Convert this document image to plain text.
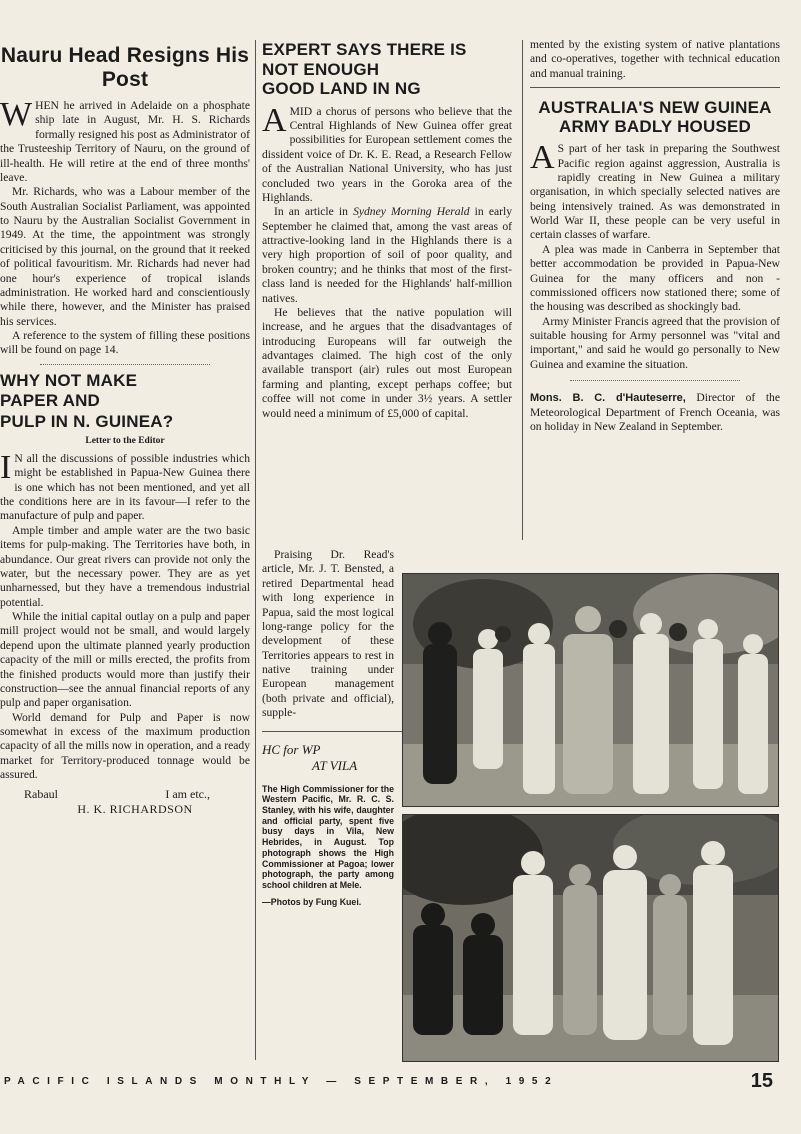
Nauru Head Resigns His
Post

WHEN he arrived in Adelaide on a phosphate ship late in August, Mr. H. S. Richards formally resigned his post as Administrator of the Trusteeship Territory of Nauru, on the ground of ill-health. He will retire at the end of three months' leave.

Mr. Richards, who was a Labour member of the South Australian Socialist Parliament, was appointed to Nauru by the Australian Socialist Government in 1949. At the time, the appointment was strongly criticised by this journal, on the ground that it reeked of political favouritism. Mr. Richards had never had one hour's experience of tropical islands administration. He worked hard and conscientiously while there, however, and the Minister has praised his services.

A reference to the system of filling these positions will be found on page 14.

WHY NOT MAKE
PAPER AND
PULP IN N. GUINEA?
Letter to the Editor

I N all the discussions of possible industries which might be established in Papua-New Guinea there is one which has not been mentioned, and yet all the conditions here are in its favour—I refer to the manufacture of pulp and paper.

Ample timber and ample water are the two basic items for pulp-making. The Territories have both, in abundance. Our great rivers can provide not only the water, but the necessary power. They are as yet unharnessed, but they have a tremendous industrial potential.

While the initial capital outlay on a pulp and paper mill project would not be small, and would largely depend upon the ultimate planned yearly production capacity of the mill or mills erected, the profits from the finished products would more than justify their construction—see the annual financial reports of any pulp and paper organisation.

World demand for Pulp and Paper is now somewhat in excess of the maximum production capacity of all the mills now in operation, and a ready market for Territory-produced tonnage would be assured.

Rabaul	I am etc.,
H. K. RICHARDSON
EXPERT SAYS THERE IS
NOT ENOUGH
GOOD LAND IN NG

AMID a chorus of persons who believe that the Central Highlands of New Guinea offer great possibilities for European settlement comes the dissident voice of Dr. K. E. Read, a Research Fellow of the Australian National University, who has just concluded two years in the Goroka area of the Highlands.

In an article in Sydney Morning Herald in early September he claimed that, among the vast areas of attractive-looking land in the Highlands there is a very high proportion of soil of poor quality, and broken country; and he thinks that most of the first-class land is needed for the Highlands' half-million natives.

He believes that the native population will increase, and he argues that the disadvantages of introducing Europeans will far outweigh the advantages claimed. The high cost of the only available transport (air) rules out most European farming and planting, except perhaps coffee; but coffee will not come in under 3½ years. A settler would need a minimum of £5,000 of capital.

Praising Dr. Read's article, Mr. J. T. Bensted, a retired Departmental head with long experience in Papua, said the most logical long-range policy for the development of these Territories appears to rest in native training under European management (both private and official), supple-

HC for WP

AT VILA

The High Commissioner for the Western Pacific, Mr. R. C. S. Stanley, with his wife, daughter and official party, spent five busy days in Vila, New Hebrides, in August. Top photograph shows the High Commissioner at Pagoa; lower photograph, the party among school children at Mele.

—Photos by Fung Kuei.

mented by the existing system of native plantations and co-operatives, together with technical education and manual training.

AUSTRALIA'S NEW GUINEA
ARMY BADLY HOUSED

A S part of her task in preparing the Southwest Pacific region against aggression, Australia is rapidly creating in New Guinea a military organisation, in which specially selected natives are being intensively trained. As was demonstrated in World War II, these people can be very useful in certain classes of warfare.

A plea was made in Canberra in September that better accommodation be provided in Papua-New Guinea for the many officers and non - commissioned officers now stationed there; some of the housing was described as shockingly bad.

Army Minister Francis agreed that the provision of suitable housing for Army personnel was "vital and important," and said he would go personally to New Guinea and examine the situation.

Mons. B. C. d'Hauteserre, Director of the Meteorological Department of French Oceania, was on holiday in New Zealand in September.

PACIFIC ISLANDS MONTHLY — SEPTEMBER, 1952	15
